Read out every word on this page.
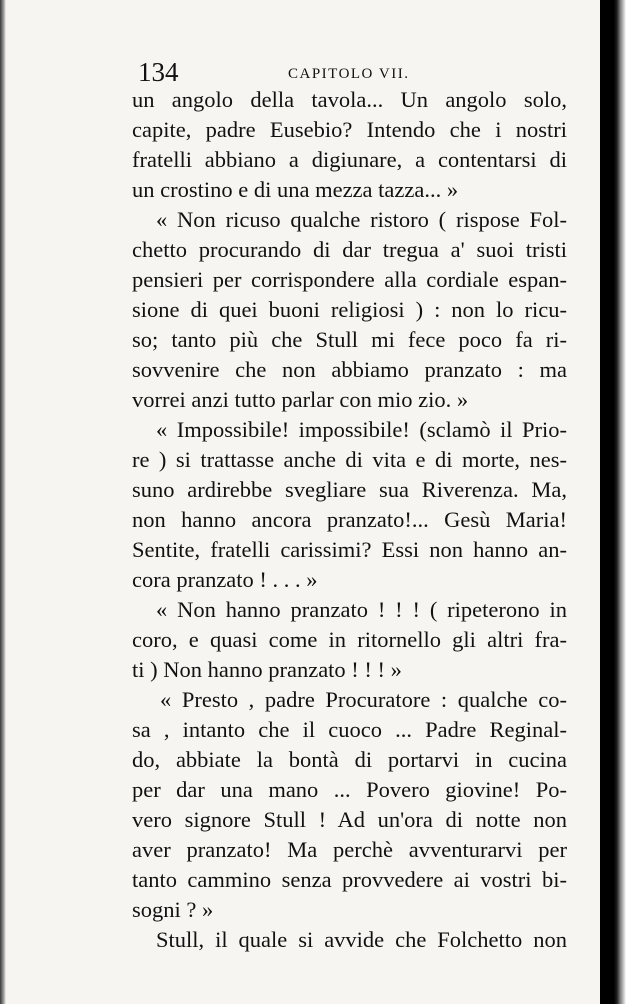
134	CAPITOLO VII.
un angolo della tavola... Un angolo solo,
capite, padre Eusebio? Intendo che i nostri
fratelli abbiano a digiunare, a contentarsi di
un crostino e di una mezza tazza... »
« Non ricuso qualche ristoro ( rispose Fol-
chetto procurando di dar tregua a' suoi tristi
pensieri per corrispondere alla cordiale espan-
sione di quei buoni religiosi ) : non lo ricu-
so; tanto più che Stull mi fece poco fa ri-
sovvenire che non abbiamo pranzato : ma
vorrei anzi tutto parlar con mio zio. »
« Impossibile! impossibile! (sclamò il Prio-
re ) si trattasse anche di vita e di morte, nes-
suno ardirebbe svegliare sua Riverenza. Ma,
non hanno ancora pranzato!... Gesù Maria!
Sentite, fratelli carissimi? Essi non hanno an-
cora pranzato ! . . . »
« Non hanno pranzato ! ! ! ( ripeterono in
coro, e quasi come in ritornello gli altri fra-
ti ) Non hanno pranzato ! ! ! »
« Presto , padre Procuratore : qualche co-
sa , intanto che il cuoco ... Padre Reginal-
do, abbiate la bontà di portarvi in cucina
per dar una mano ... Povero giovine! Po-
vero signore Stull ! Ad un'ora di notte non
aver pranzato! Ma perchè avventurarvi per
tanto cammino senza provvedere ai vostri bi-
sogni ? »
Stull, il quale si avvide che Folchetto non
